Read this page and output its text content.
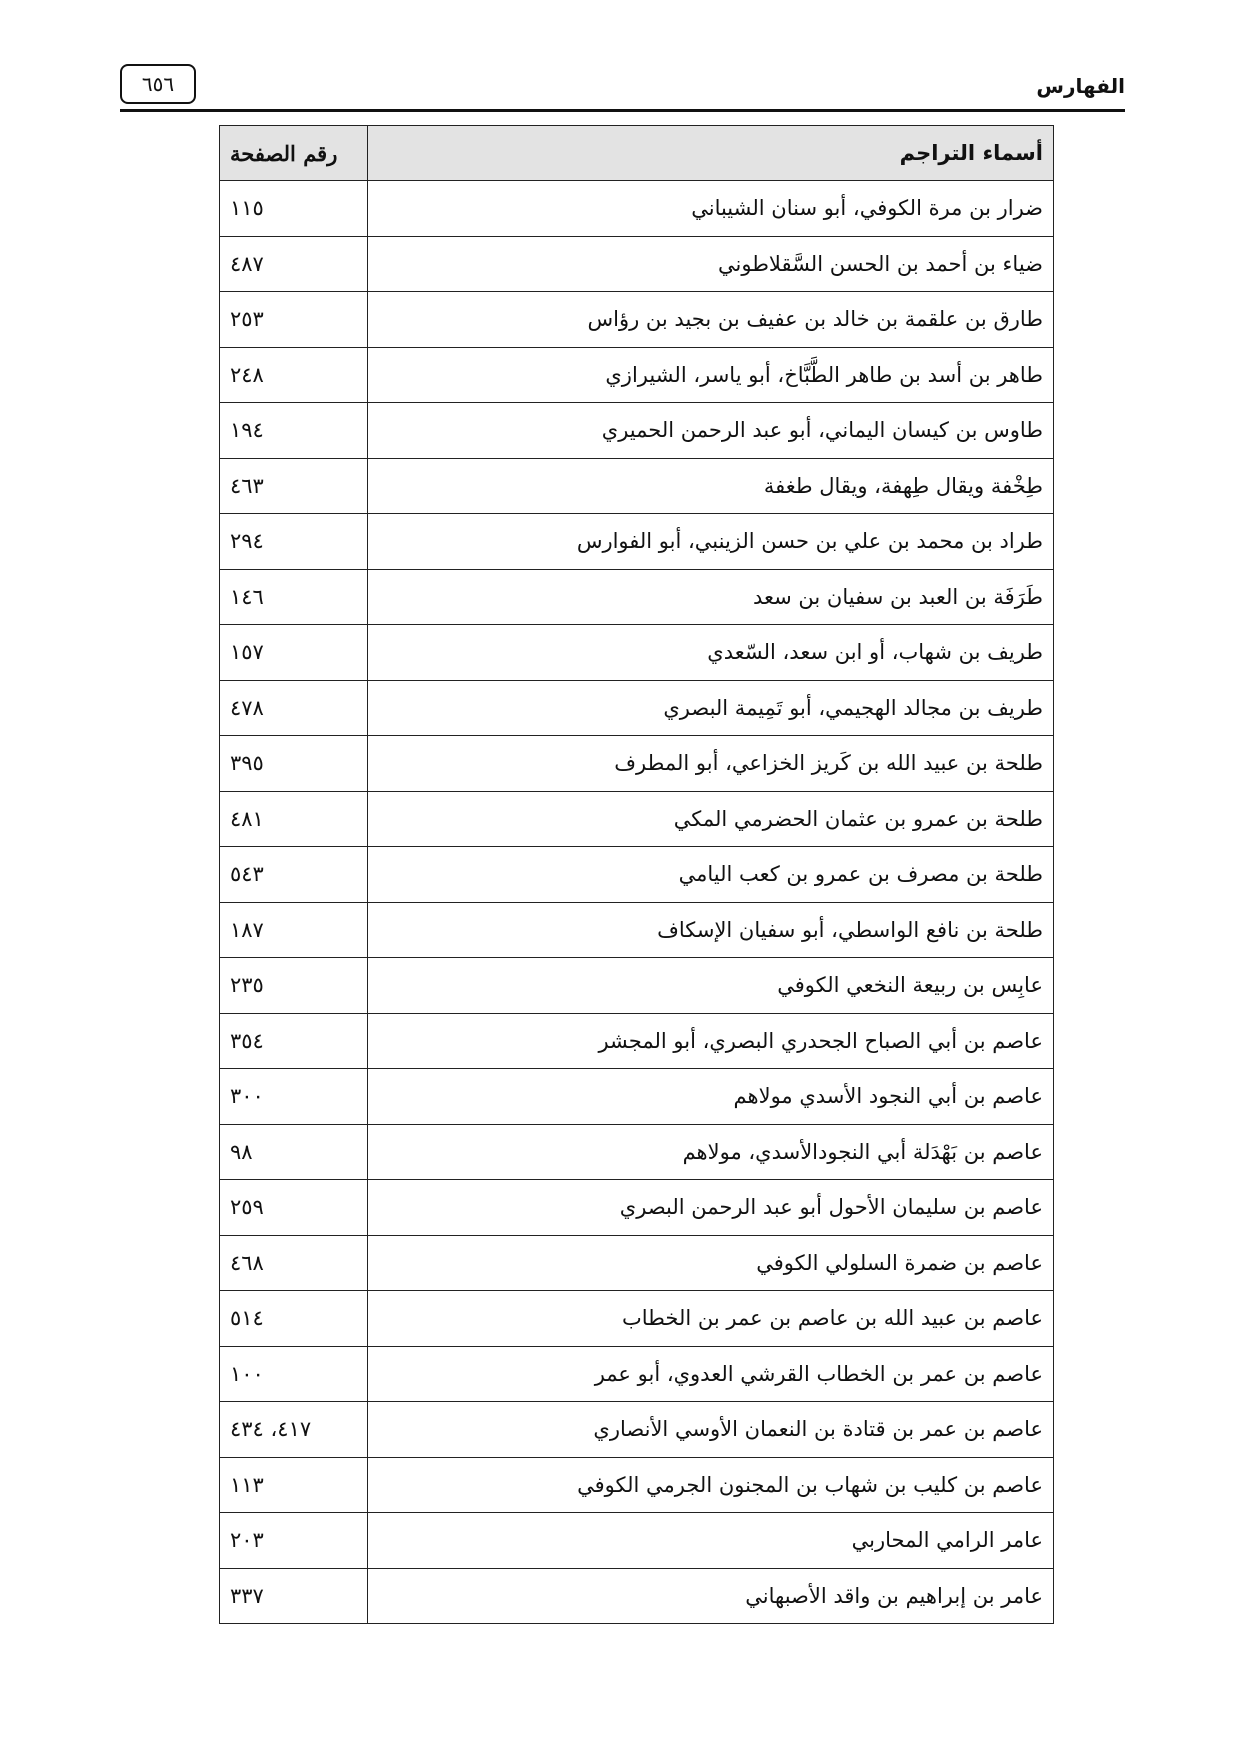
٦٥٦	الفهارس
أسماء التراجم	رقم الصفحة
ضرار بن مرة الكوفي، أبو سنان الشيباني	١١٥
ضياء بن أحمد بن الحسن السَّقلاطوني	٤٨٧
طارق بن علقمة بن خالد بن عفيف بن بجيد بن رؤاس	٢٥٣
طاهر بن أسد بن طاهر الطَّبَّاخ، أبو ياسر، الشيرازي	٢٤٨
طاوس بن كيسان اليماني، أبو عبد الرحمن الحميري	١٩٤
طِخْفة ويقال طِهفة، ويقال طغفة	٤٦٣
طراد بن محمد بن علي بن حسن الزينبي، أبو الفوارس	٢٩٤
طَرَفَة بن العبد بن سفيان بن سعد	١٤٦
طريف بن شهاب، أو ابن سعد، السّعدي	١٥٧
طريف بن مجالد الهجيمي، أبو تَمِيمة البصري	٤٧٨
طلحة بن عبيد الله بن كَريز الخزاعي، أبو المطرف	٣٩٥
طلحة بن عمرو بن عثمان الحضرمي المكي	٤٨١
طلحة بن مصرف بن عمرو بن كعب اليامي	٥٤٣
طلحة بن نافع الواسطي، أبو سفيان الإسكاف	١٨٧
عابِس بن ربيعة النخعي الكوفي	٢٣٥
عاصم بن أبي الصباح الجحدري البصري، أبو المجشر	٣٥٤
عاصم بن أبي النجود الأسدي مولاهم	٣٠٠
عاصم بن بَهْدَلة أبي النجودالأسدي، مولاهم	٩٨
عاصم بن سليمان الأحول أبو عبد الرحمن البصري	٢٥٩
عاصم بن ضمرة السلولي الكوفي	٤٦٨
عاصم بن عبيد الله بن عاصم بن عمر بن الخطاب	٥١٤
عاصم بن عمر بن الخطاب القرشي العدوي، أبو عمر	١٠٠
عاصم بن عمر بن قتادة بن النعمان الأوسي الأنصاري	٤١٧، ٤٣٤
عاصم بن كليب بن شهاب بن المجنون الجرمي الكوفي	١١٣
عامر الرامي المحاربي	٢٠٣
عامر بن إبراهيم بن واقد الأصبهاني	٣٣٧
